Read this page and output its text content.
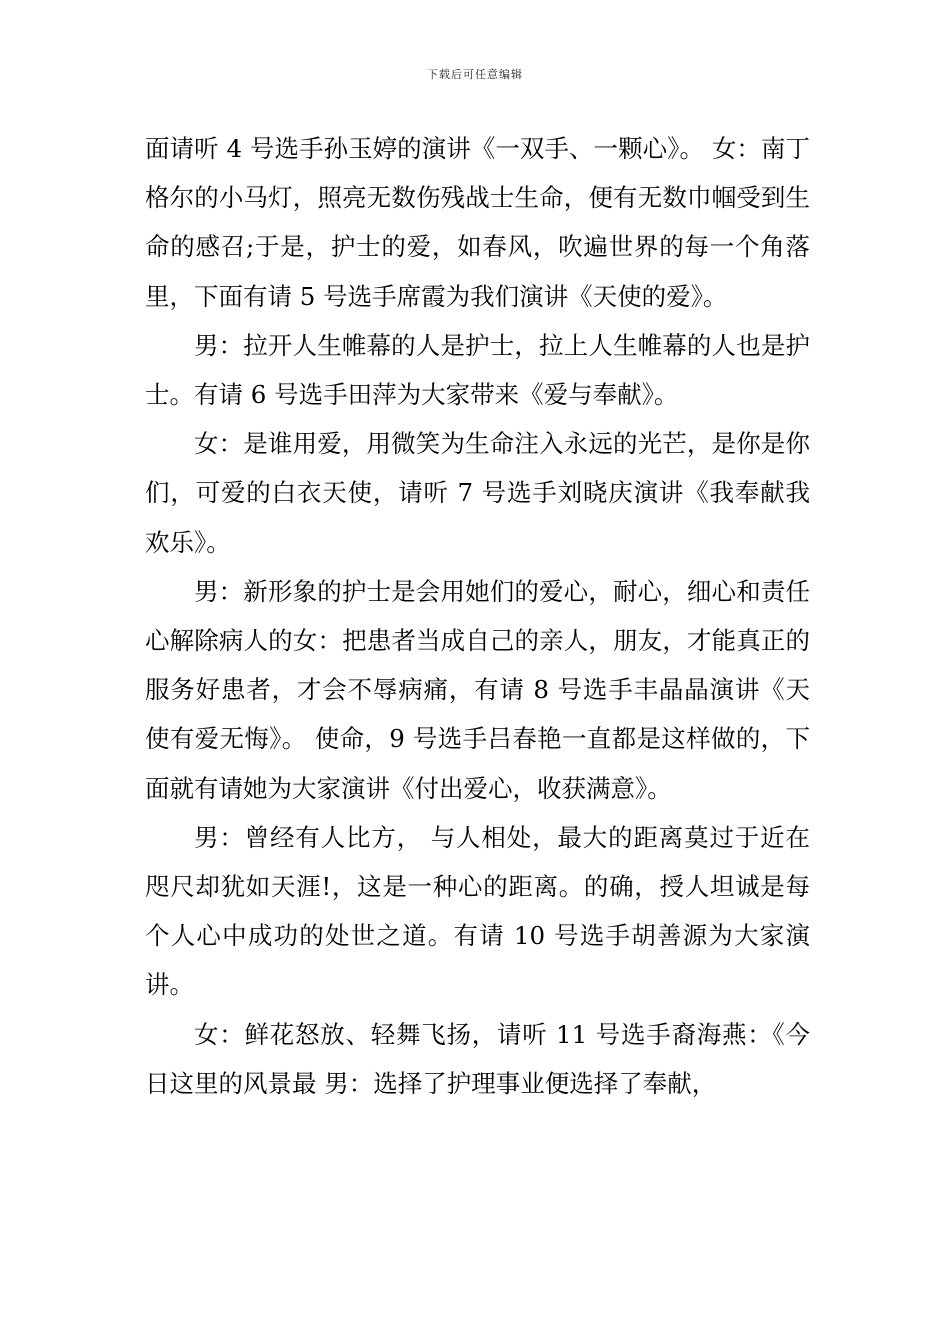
下载后可任意编辑

面请听 4 号选手孙玉婷的演讲《一双手、一颗心》。 女：南丁格尔的小马灯，照亮无数伤残战士生命，便有无数巾帼受到生命的感召;于是，护士的爱，如春风，吹遍世界的每一个角落里，下面有请 5 号选手席霞为我们演讲《天使的爱》。

男：拉开人生帷幕的人是护士，拉上人生帷幕的人也是护士。有请 6 号选手田萍为大家带来《爱与奉献》。

女：是谁用爱，用微笑为生命注入永远的光芒，是你是你们，可爱的白衣天使，请听 7 号选手刘晓庆演讲《我奉献我欢乐》。

男：新形象的护士是会用她们的爱心，耐心，细心和责任心解除病人的女：把患者当成自己的亲人，朋友，才能真正的服务好患者，才会不辱病痛，有请 8 号选手丰晶晶演讲《天使有爱无悔》。 使命，9 号选手吕春艳一直都是这样做的，下面就有请她为大家演讲《付出爱心，收获满意》。

男：曾经有人比方， 与人相处，最大的距离莫过于近在咫尺却犹如天涯!，这是一种心的距离。的确，授人坦诚是每个人心中成功的处世之道。有请 10 号选手胡善源为大家演讲。

女：鲜花怒放、轻舞飞扬，请听 11 号选手裔海燕：《今日这里的风景最 男：选择了护理事业便选择了奉献，
